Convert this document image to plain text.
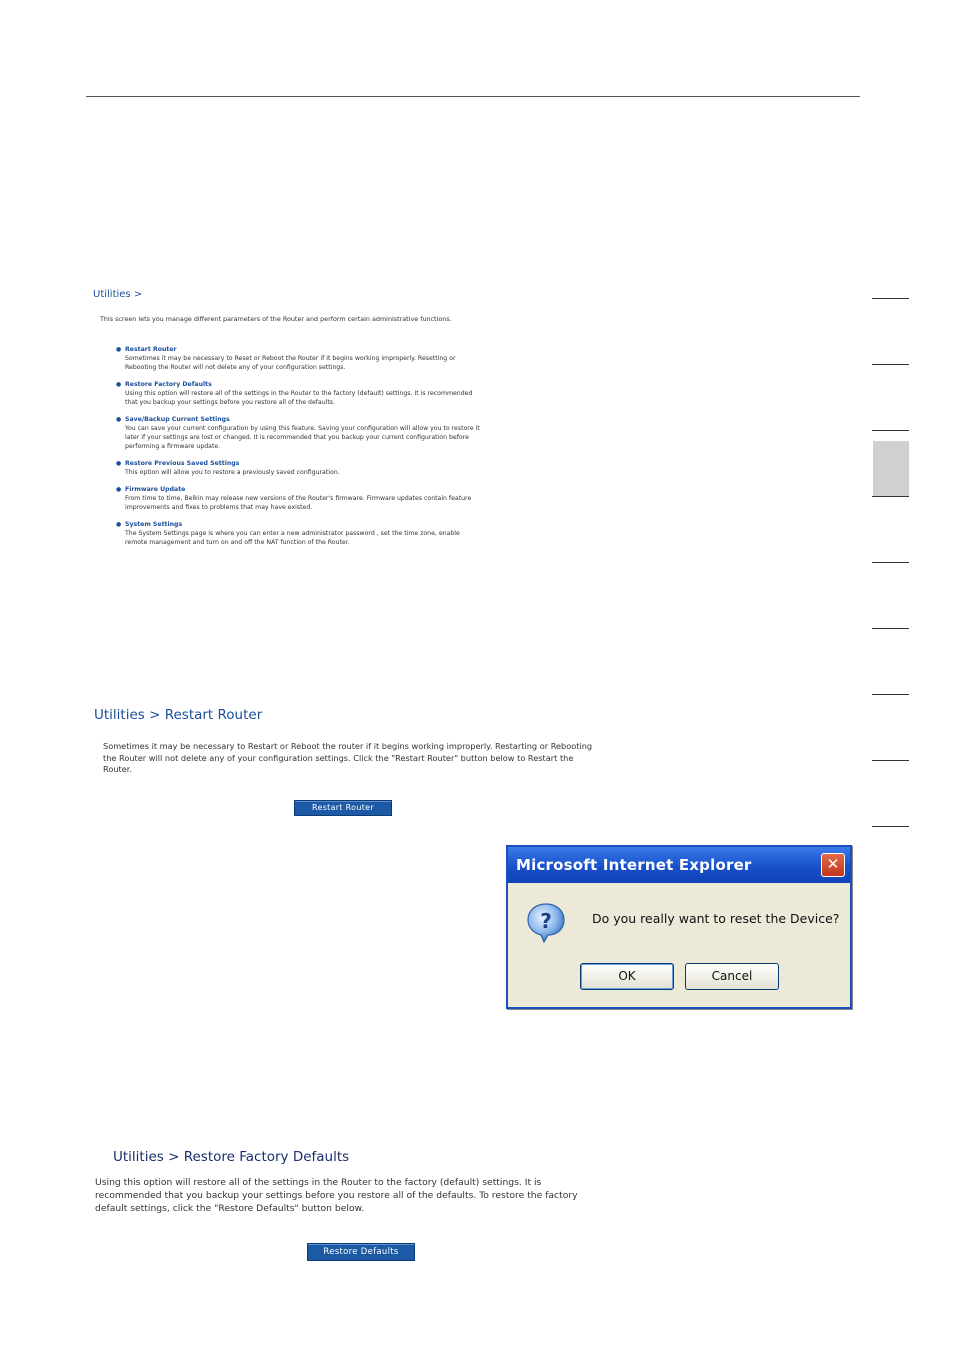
Utilities >
This screen lets you manage different parameters of the Router and perform certain administrative functions.
● Restart Router
Sometimes it may be necessary to Reset or Reboot the Router if it begins working improperly. Resetting or Rebooting the Router will not delete any of your configuration settings.
● Restore Factory Defaults
Using this option will restore all of the settings in the Router to the factory (default) settings. It is recommended that you backup your settings before you restore all of the defaults.
● Save/Backup Current Settings
You can save your current configuration by using this feature. Saving your configuration will allow you to restore it later if your settings are lost or changed. It is recommended that you backup your current configuration before performing a firmware update.
● Restore Previous Saved Settings
This option will allow you to restore a previously saved configuration.
● Firmware Update
From time to time, Belkin may release new versions of the Router's firmware. Firmware updates contain feature improvements and fixes to problems that may have existed.
● System Settings
The System Settings page is where you can enter a new administrator password , set the time zone, enable remote management and turn on and off the NAT function of the Router.
Utilities > Restart Router
Sometimes it may be necessary to Restart or Reboot the router if it begins working improperly. Restarting or Rebooting the Router will not delete any of your configuration settings. Click the "Restart Router" button below to Restart the Router.
Restart Router
Microsoft Internet Explorer	✕
?	Do you really want to reset the Device?
OK	Cancel
Utilities > Restore Factory Defaults
Using this option will restore all of the settings in the Router to the factory (default) settings. It is recommended that you backup your settings before you restore all of the defaults. To restore the factory default settings, click the "Restore Defaults" button below.
Restore Defaults
